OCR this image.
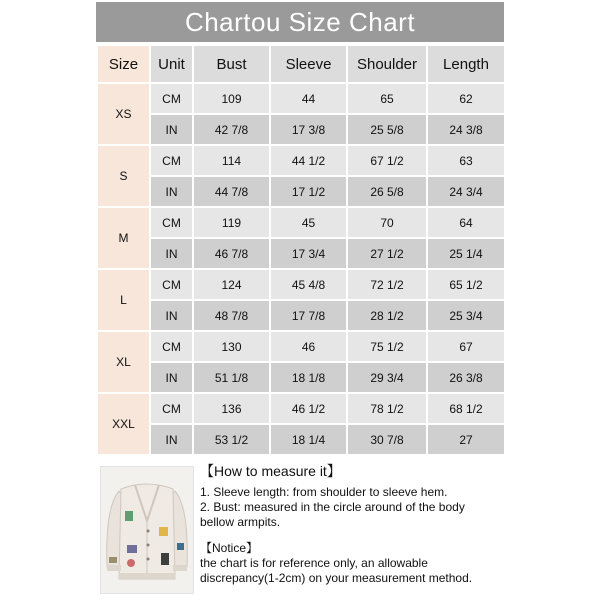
Chartou Size Chart
Size	Unit	Bust	Sleeve	Shoulder	Length
XS	CM	109	44	65	62
	IN	42 7/8	17 3/8	25 5/8	24 3/8
S	CM	114	44 1/2	67 1/2	63
	IN	44 7/8	17 1/2	26 5/8	24 3/4
M	CM	119	45	70	64
	IN	46 7/8	17 3/4	27 1/2	25 1/4
L	CM	124	45 4/8	72 1/2	65 1/2
	IN	48 7/8	17 7/8	28 1/2	25 3/4
XL	CM	130	46	75 1/2	67
	IN	51 1/8	18 1/8	29 3/4	26 3/8
XXL	CM	136	46 1/2	78 1/2	68 1/2
	IN	53 1/2	18 1/4	30 7/8	27
【How to measure it】

1. Sleeve length: from shoulder to sleeve hem.

2. Bust: measured in the circle around of the body

bellow armpits.

【Notice】

the chart is for reference only, an allowable

discrepancy(1-2cm) on your measurement method.
